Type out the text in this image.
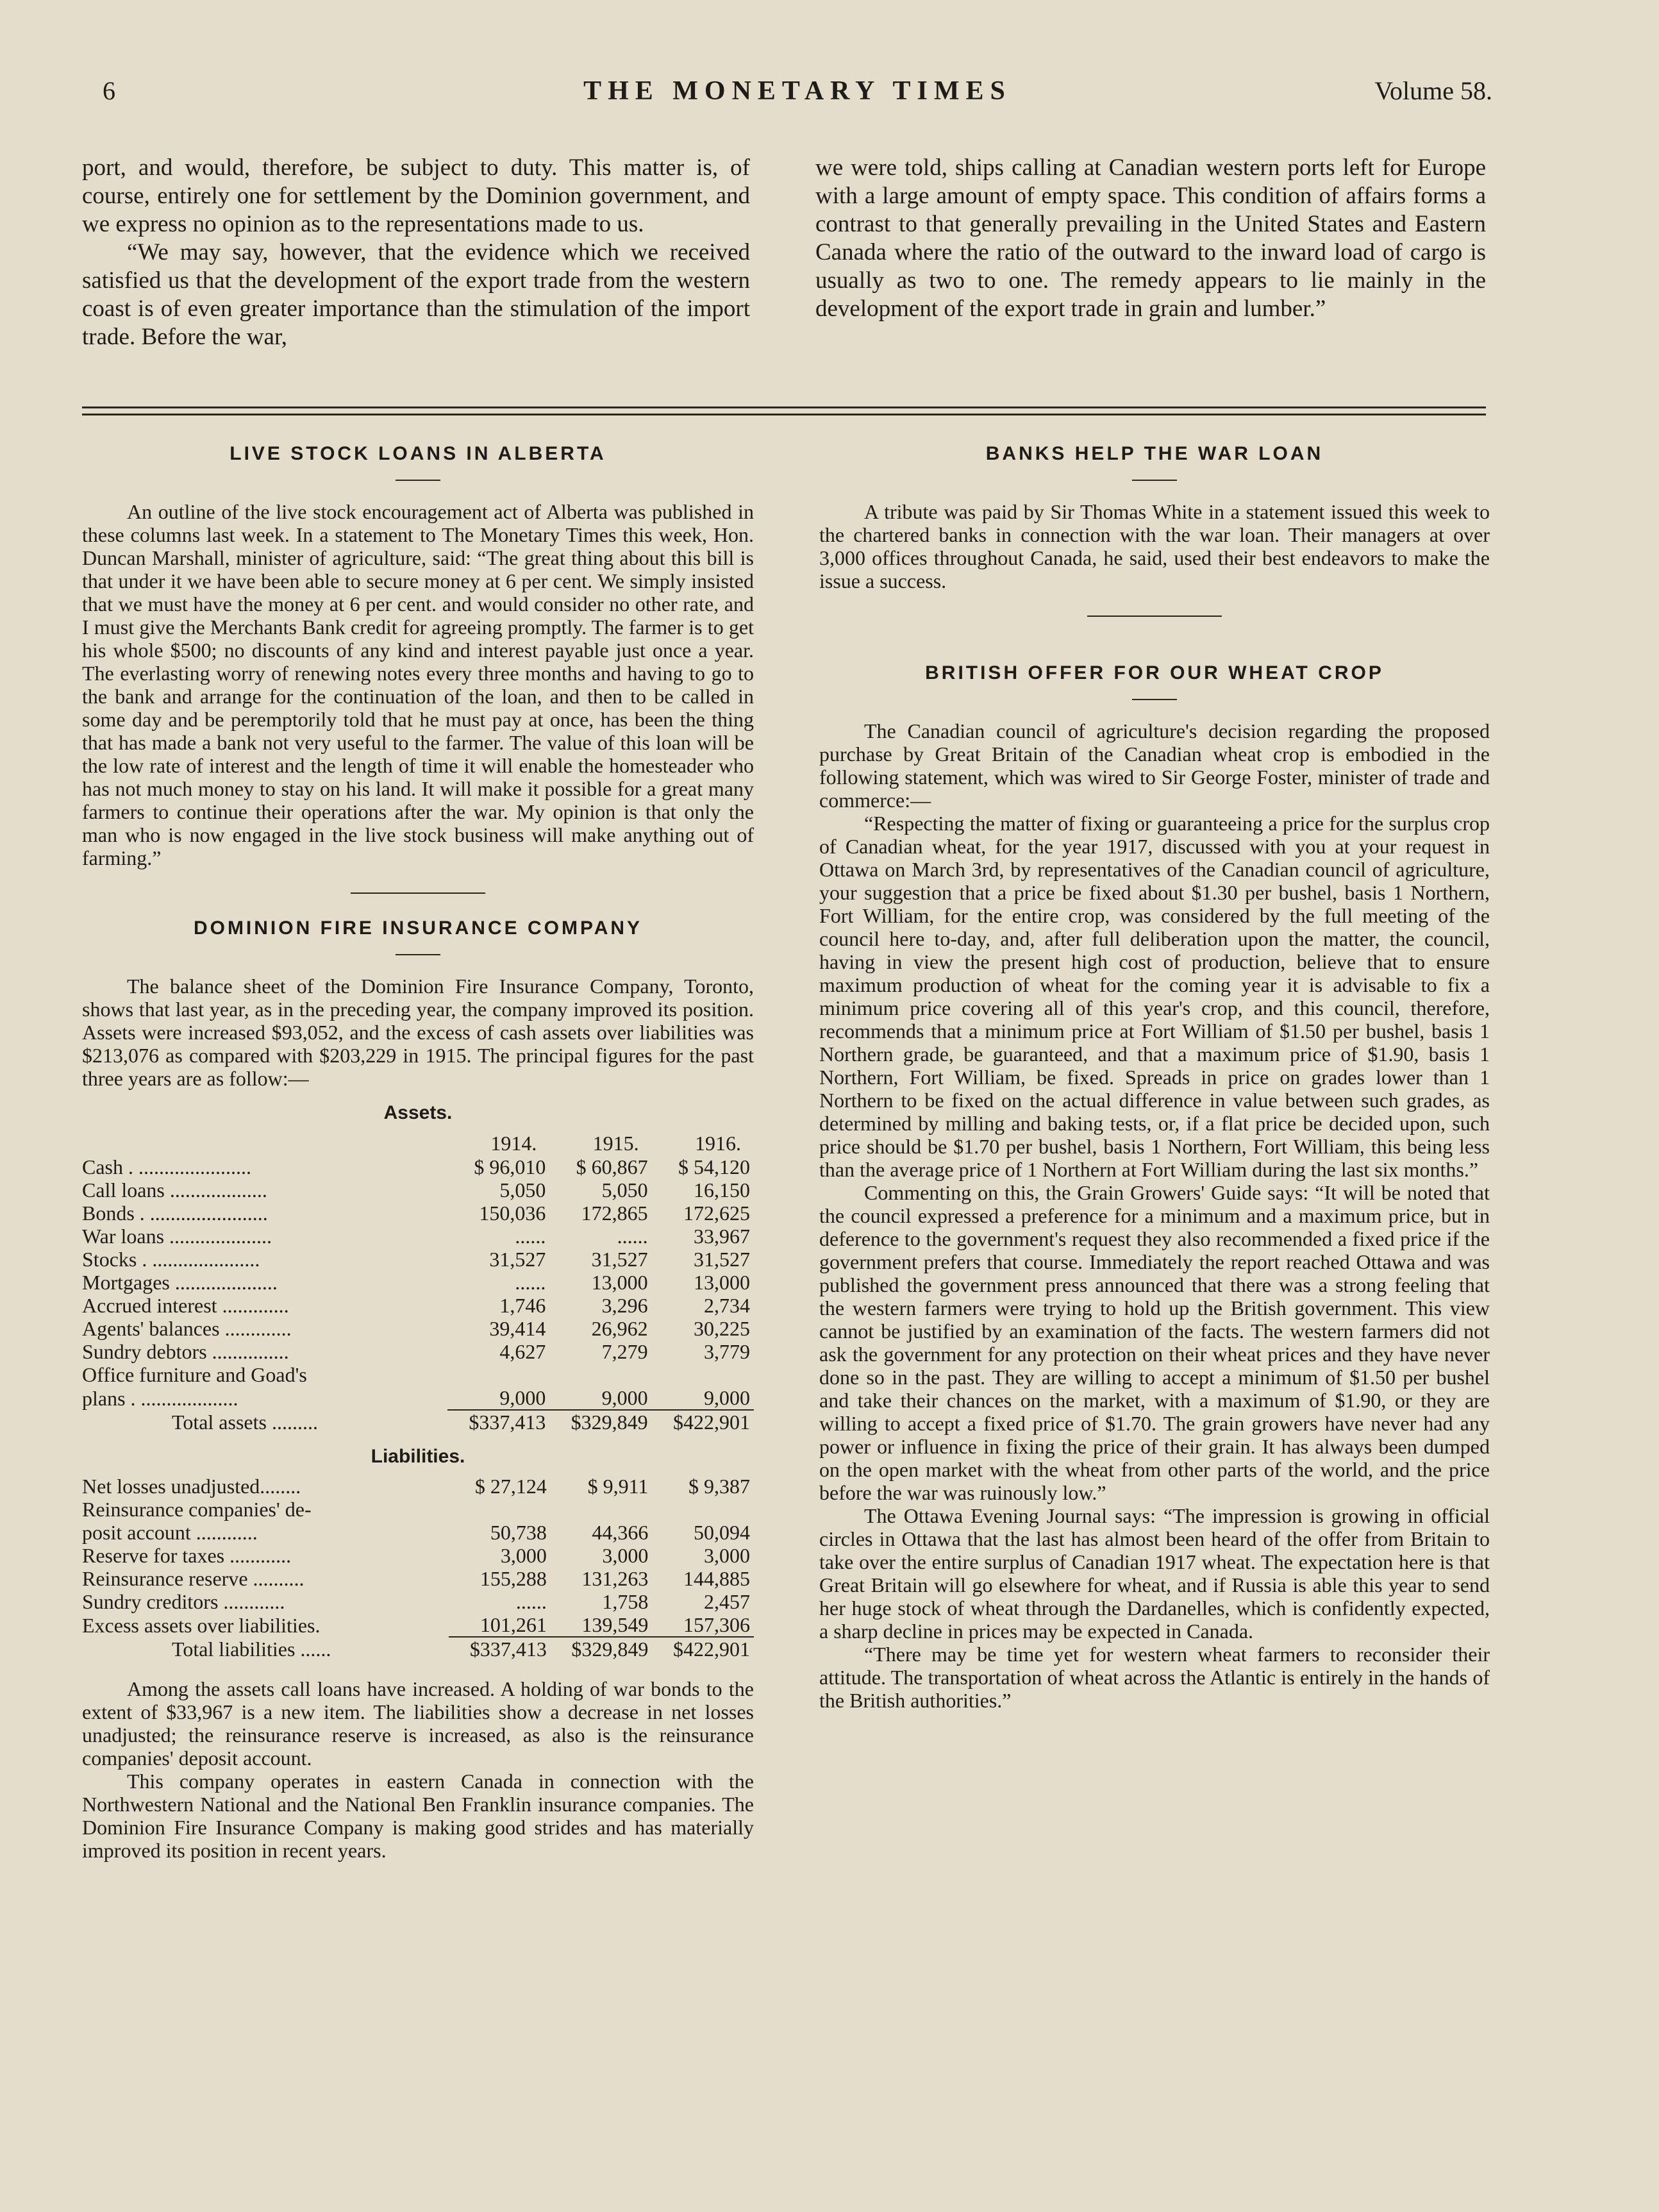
6	THE MONETARY TIMES	Volume 58.

port, and would, therefore, be subject to duty. This matter is, of course, entirely one for settlement by the Dominion government, and we express no opinion as to the representations made to us.

“We may say, however, that the evidence which we received satisfied us that the development of the export trade from the western coast is of even greater importance than the stimulation of the import trade. Before the war,

we were told, ships calling at Canadian western ports left for Europe with a large amount of empty space. This condition of affairs forms a contrast to that generally prevailing in the United States and Eastern Canada where the ratio of the outward to the inward load of cargo is usually as two to one. The remedy appears to lie mainly in the development of the export trade in grain and lumber.”

LIVE STOCK LOANS IN ALBERTA

An outline of the live stock encouragement act of Alberta was published in these columns last week. In a statement to The Monetary Times this week, Hon. Duncan Marshall, minister of agriculture, said: “The great thing about this bill is that under it we have been able to secure money at 6 per cent. We simply insisted that we must have the money at 6 per cent. and would consider no other rate, and I must give the Merchants Bank credit for agreeing promptly. The farmer is to get his whole $500; no discounts of any kind and interest payable just once a year. The everlasting worry of renewing notes every three months and having to go to the bank and arrange for the continuation of the loan, and then to be called in some day and be peremptorily told that he must pay at once, has been the thing that has made a bank not very useful to the farmer. The value of this loan will be the low rate of interest and the length of time it will enable the homesteader who has not much money to stay on his land. It will make it possible for a great many farmers to continue their operations after the war. My opinion is that only the man who is now engaged in the live stock business will make anything out of farming.”

DOMINION FIRE INSURANCE COMPANY

The balance sheet of the Dominion Fire Insurance Company, Toronto, shows that last year, as in the preceding year, the company improved its position. Assets were increased $93,052, and the excess of cash assets over liabilities was $213,076 as compared with $203,229 in 1915. The principal figures for the past three years are as follow:—

Assets.
	1914.	1915.	1916.
Cash . ......................	$ 96,010	$ 60,867	$ 54,120
Call loans ...................	5,050	5,050	16,150
Bonds . .......................	150,036	172,865	172,625
War loans ....................	......	......	33,967
Stocks . .....................	31,527	31,527	31,527
Mortgages ....................	......	13,000	13,000
Accrued interest .............	1,746	3,296	2,734
Agents' balances .............	39,414	26,962	30,225
Sundry debtors ...............	4,627	7,279	3,779
Office furniture and Goad's			
plans . ...................	9,000	9,000	9,000
Total assets .........	$337,413	$329,849	$422,901
Liabilities.
Net losses unadjusted........	$ 27,124	$ 9,911	$ 9,387
Reinsurance companies' de-			
posit account ............	50,738	44,366	50,094
Reserve for taxes ............	3,000	3,000	3,000
Reinsurance reserve ..........	155,288	131,263	144,885
Sundry creditors ............	......	1,758	2,457
Excess assets over liabilities.	101,261	139,549	157,306
Total liabilities ......	$337,413	$329,849	$422,901

Among the assets call loans have increased. A holding of war bonds to the extent of $33,967 is a new item. The liabilities show a decrease in net losses unadjusted; the reinsurance reserve is increased, as also is the reinsurance companies' deposit account.

This company operates in eastern Canada in connection with the Northwestern National and the National Ben Franklin insurance companies. The Dominion Fire Insurance Company is making good strides and has materially improved its position in recent years.

BANKS HELP THE WAR LOAN

A tribute was paid by Sir Thomas White in a statement issued this week to the chartered banks in connection with the war loan. Their managers at over 3,000 offices throughout Canada, he said, used their best endeavors to make the issue a success.

BRITISH OFFER FOR OUR WHEAT CROP

The Canadian council of agriculture's decision regarding the proposed purchase by Great Britain of the Canadian wheat crop is embodied in the following statement, which was wired to Sir George Foster, minister of trade and commerce:—

“Respecting the matter of fixing or guaranteeing a price for the surplus crop of Canadian wheat, for the year 1917, discussed with you at your request in Ottawa on March 3rd, by representatives of the Canadian council of agriculture, your suggestion that a price be fixed about $1.30 per bushel, basis 1 Northern, Fort William, for the entire crop, was considered by the full meeting of the council here to-day, and, after full deliberation upon the matter, the council, having in view the present high cost of production, believe that to ensure maximum production of wheat for the coming year it is advisable to fix a minimum price covering all of this year's crop, and this council, therefore, recommends that a minimum price at Fort William of $1.50 per bushel, basis 1 Northern grade, be guaranteed, and that a maximum price of $1.90, basis 1 Northern, Fort William, be fixed. Spreads in price on grades lower than 1 Northern to be fixed on the actual difference in value between such grades, as determined by milling and baking tests, or, if a flat price be decided upon, such price should be $1.70 per bushel, basis 1 Northern, Fort William, this being less than the average price of 1 Northern at Fort William during the last six months.”

Commenting on this, the Grain Growers' Guide says: “It will be noted that the council expressed a preference for a minimum and a maximum price, but in deference to the government's request they also recommended a fixed price if the government prefers that course. Immediately the report reached Ottawa and was published the government press announced that there was a strong feeling that the western farmers were trying to hold up the British government. This view cannot be justified by an examination of the facts. The western farmers did not ask the government for any protection on their wheat prices and they have never done so in the past. They are willing to accept a minimum of $1.50 per bushel and take their chances on the market, with a maximum of $1.90, or they are willing to accept a fixed price of $1.70. The grain growers have never had any power or influence in fixing the price of their grain. It has always been dumped on the open market with the wheat from other parts of the world, and the price before the war was ruinously low.”

The Ottawa Evening Journal says: “The impression is growing in official circles in Ottawa that the last has almost been heard of the offer from Britain to take over the entire surplus of Canadian 1917 wheat. The expectation here is that Great Britain will go elsewhere for wheat, and if Russia is able this year to send her huge stock of wheat through the Dardanelles, which is confidently expected, a sharp decline in prices may be expected in Canada.

“There may be time yet for western wheat farmers to reconsider their attitude. The transportation of wheat across the Atlantic is entirely in the hands of the British authorities.”
